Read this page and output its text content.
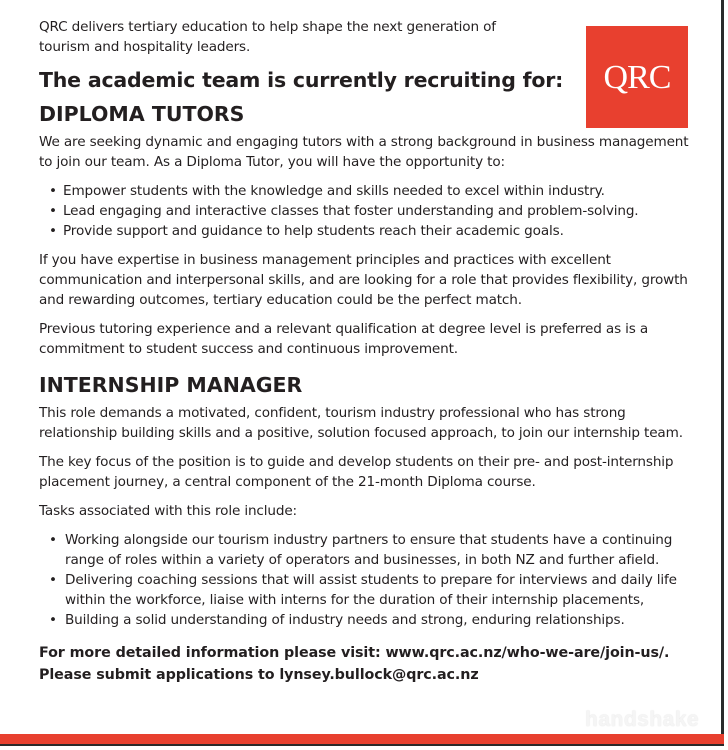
QRC delivers tertiary education to help shape the next generation of tourism and hospitality leaders.

The academic team is currently recruiting for:
DIPLOMA TUTORS

We are seeking dynamic and engaging tutors with a strong background in business management to join our team. As a Diploma Tutor, you will have the opportunity to:

• Empower students with the knowledge and skills needed to excel within industry.
• Lead engaging and interactive classes that foster understanding and problem-solving.
• Provide support and guidance to help students reach their academic goals.

If you have expertise in business management principles and practices with excellent communication and interpersonal skills, and are looking for a role that provides flexibility, growth and rewarding outcomes, tertiary education could be the perfect match.

Previous tutoring experience and a relevant qualification at degree level is preferred as is a commitment to student success and continuous improvement.

INTERNSHIP MANAGER

This role demands a motivated, confident, tourism industry professional who has strong relationship building skills and a positive, solution focused approach, to join our internship team.

The key focus of the position is to guide and develop students on their pre- and post-internship placement journey, a central component of the 21-month Diploma course.

Tasks associated with this role include:

• Working alongside our tourism industry partners to ensure that students have a continuing range of roles within a variety of operators and businesses, in both NZ and further afield.
• Delivering coaching sessions that will assist students to prepare for interviews and daily life within the workforce, liaise with interns for the duration of their internship placements,
• Building a solid understanding of industry needs and strong, enduring relationships.
For more detailed information please visit: www.qrc.ac.nz/who-we-are/join-us/.
Please submit applications to lynsey.bullock@qrc.ac.nz
QRC
handshake
